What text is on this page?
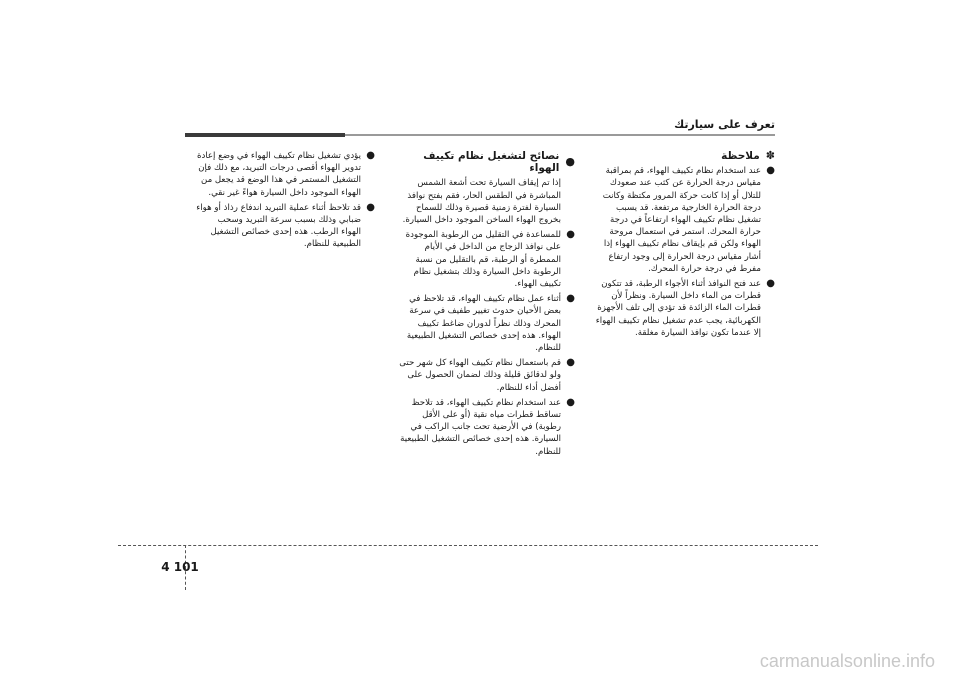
تعرف على سيارتك
✽
ملاحظة
●
عند استخدام نظام تكييف الهواء، قم بمراقبة مقياس درجة الحرارة عن كثب عند صعودك للتلال أو إذا كانت حركة المرور مكتظة وكانت درجة الحرارة الخارجية مرتفعة. قد يسبب تشغيل نظام تكييف الهواء ارتفاعاً في درجة حرارة المحرك. استمر في استعمال مروحة الهواء ولكن قم بإيقاف نظام تكييف الهواء إذا أشار مقياس درجة الحرارة إلى وجود ارتفاع مفرط في درجة حرارة المحرك.
●
عند فتح النوافذ أثناء الأجواء الرطبة، قد تتكون قطرات من الماء داخل السيارة. ونظراً لأن قطرات الماء الزائدة قد تؤدي إلى تلف الأجهزة الكهربائية، يجب عدم تشغيل نظام تكييف الهواء إلا عندما تكون نوافذ السيارة مغلقة.
●
نصائح لتشغيل نظام تكييف الهواء
إذا تم إيقاف السيارة تحت أشعة الشمس المباشرة في الطقس الحار، فقم بفتح نوافذ السيارة لفترة زمنية قصيرة وذلك للسماح بخروج الهواء الساخن الموجود داخل السيارة.
●
للمساعدة في التقليل من الرطوبة الموجودة على نوافذ الزجاج من الداخل في الأيام الممطرة أو الرطبة، قم بالتقليل من نسبة الرطوبة داخل السيارة وذلك بتشغيل نظام تكييف الهواء.
●
أثناء عمل نظام تكييف الهواء، قد تلاحظ في بعض الأحيان حدوث تغيير طفيف في سرعة المحرك وذلك نظراً لدوران ضاغط تكييف الهواء. هذه إحدى خصائص التشغيل الطبيعية للنظام.
●
قم باستعمال نظام تكييف الهواء كل شهر حتى ولو لدقائق قليلة وذلك لضمان الحصول على أفضل أداء للنظام.
●
عند استخدام نظام تكييف الهواء، قد تلاحظ تساقط قطرات مياه نقية (أو على الأقل رطوبة) في الأرضية تحت جانب الراكب في السيارة. هذه إحدى خصائص التشغيل الطبيعية للنظام.
●
يؤدي تشغيل نظام تكييف الهواء في وضع إعادة تدوير الهواء أقصى درجات التبريد، مع ذلك فإن التشغيل المستمر في هذا الوضع قد يجعل من الهواء الموجود داخل السيارة هواءً غير نقي.
●
قد تلاحظ أثناء عملية التبريد اندفاع رذاذ أو هواء ضبابي وذلك بسبب سرعة التبريد وسحب الهواء الرطب. هذه إحدى خصائص التشغيل الطبيعية للنظام.
4 101
carmanualsonline.info
